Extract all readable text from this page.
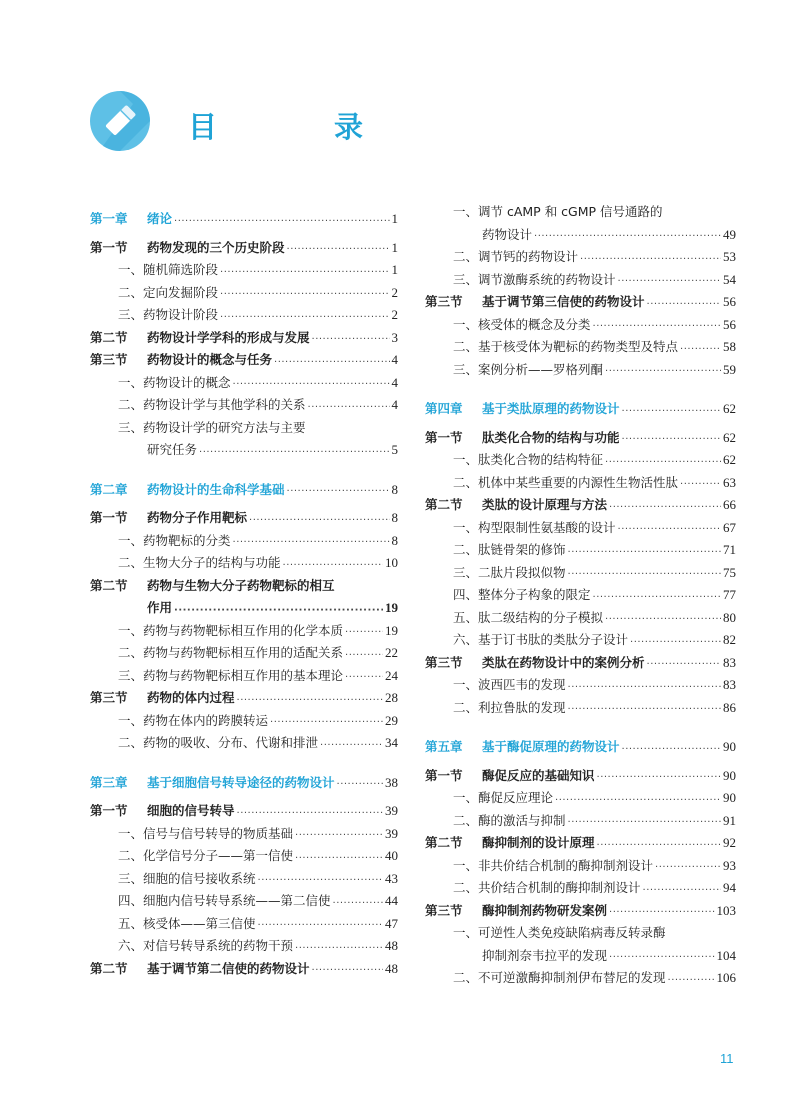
目　录
第一章 绪论 ·····	1
第一节 药物发现的三个历史阶段 ·····	1
一、随机筛选阶段 ·····	1
二、定向发掘阶段 ·····	2
三、药物设计阶段 ·····	2
第二节 药物设计学学科的形成与发展 ·····	3
第三节 药物设计的概念与任务 ·····	4
一、药物设计的概念 ·····	4
二、药物设计学与其他学科的关系 ·····	4
三、药物设计学的研究方法与主要
研究任务 ·····	5
第二章 药物设计的生命科学基础 ·····	8
第一节 药物分子作用靶标 ·····	8
一、药物靶标的分类 ·····	8
二、生物大分子的结构与功能 ·····	10
第二节 药物与生物大分子药物靶标的相互
作用 ·····	19
一、药物与药物靶标相互作用的化学本质 ·····	19
二、药物与药物靶标相互作用的适配关系 ·····	22
三、药物与药物靶标相互作用的基本理论 ·····	24
第三节 药物的体内过程 ·····	28
一、药物在体内的跨膜转运 ·····	29
二、药物的吸收、分布、代谢和排泄 ·····	34
第三章 基于细胞信号转导途径的药物设计 ·····	38
第一节 细胞的信号转导 ·····	39
一、信号与信号转导的物质基础 ·····	39
二、化学信号分子——第一信使 ·····	40
三、细胞的信号接收系统 ·····	43
四、细胞内信号转导系统——第二信使 ·····	44
五、核受体——第三信使 ·····	47
六、对信号转导系统的药物干预 ·····	48
第二节 基于调节第二信使的药物设计 ·····	48
一、调节 cAMP 和 cGMP 信号通路的
药物设计 ·····	49
二、调节钙的药物设计 ·····	53
三、调节激酶系统的药物设计 ·····	54
第三节 基于调节第三信使的药物设计 ·····	56
一、核受体的概念及分类 ·····	56
二、基于核受体为靶标的药物类型及特点 ·····	58
三、案例分析——罗格列酮 ·····	59
第四章 基于类肽原理的药物设计 ·····	62
第一节 肽类化合物的结构与功能 ·····	62
一、肽类化合物的结构特征 ·····	62
二、机体中某些重要的内源性生物活性肽 ·····	63
第二节 类肽的设计原理与方法 ·····	66
一、构型限制性氨基酸的设计 ·····	67
二、肽链骨架的修饰 ·····	71
三、二肽片段拟似物 ·····	75
四、整体分子构象的限定 ·····	77
五、肽二级结构的分子模拟 ·····	80
六、基于订书肽的类肽分子设计 ·····	82
第三节 类肽在药物设计中的案例分析 ·····	83
一、波西匹韦的发现 ·····	83
二、利拉鲁肽的发现 ·····	86
第五章 基于酶促原理的药物设计 ·····	90
第一节 酶促反应的基础知识 ·····	90
一、酶促反应理论 ·····	90
二、酶的激活与抑制 ·····	91
第二节 酶抑制剂的设计原理 ·····	92
一、非共价结合机制的酶抑制剂设计 ·····	93
二、共价结合机制的酶抑制剂设计 ·····	94
第三节 酶抑制剂药物研发案例 ·····	103
一、可逆性人类免疫缺陷病毒反转录酶
抑制剂奈韦拉平的发现 ·····	104
二、不可逆激酶抑制剂伊布替尼的发现 ·····	106
11
